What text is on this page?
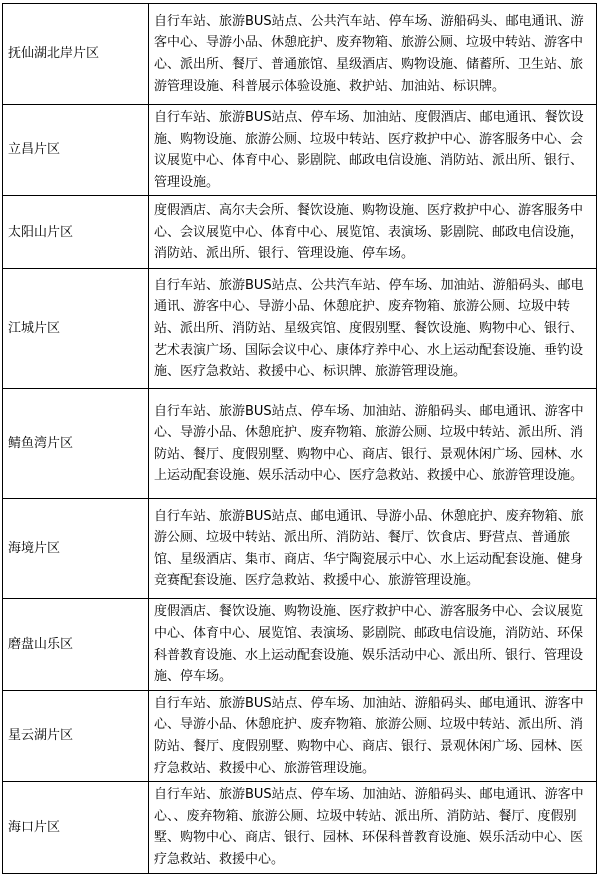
抚仙湖北岸片区	自行车站、旅游BUS站点、公共汽车站、停车场、游船码头、邮电通讯、游客中心、导游小品、休憩庇护、废弃物箱、旅游公厕、垃圾中转站、游客中心、派出所、餐厅、普通旅馆、星级酒店、购物设施、储蓄所、卫生站、旅游管理设施、科普展示体验设施、救护站、加油站、标识牌。
立昌片区	自行车站、旅游BUS站点、停车场、加油站、度假酒店、邮电通讯、餐饮设施、购物设施、旅游公厕、垃圾中转站、医疗救护中心、游客服务中心、会议展览中心、体育中心、影剧院、邮政电信设施、消防站、派出所、银行、管理设施。
太阳山片区	度假酒店、高尔夫会所、餐饮设施、购物设施、医疗救护中心、游客服务中心、会议展览中心、体育中心、展览馆、表演场、影剧院、邮政电信设施，消防站、派出所、银行、管理设施、停车场。
江城片区	自行车站、旅游BUS站点、公共汽车站、停车场、加油站、游船码头、邮电通讯、游客中心、导游小品、休憩庇护、废弃物箱、旅游公厕、垃圾中转站、派出所、消防站、星级宾馆、度假别墅、餐饮设施、购物中心、银行、艺术表演广场、国际会议中心、康体疗养中心、水上运动配套设施、垂钓设施、医疗急救站、救援中心、标识牌、旅游管理设施。
鲭鱼湾片区	自行车站、旅游BUS站点、停车场、加油站、游船码头、邮电通讯、游客中心、导游小品、休憩庇护、废弃物箱、旅游公厕、垃圾中转站、派出所、消防站、餐厅、度假别墅、购物中心、商店、银行、景观休闲广场、园林、水上运动配套设施、娱乐活动中心、医疗急救站、救援中心、旅游管理设施。
海境片区	自行车站、旅游BUS站点、邮电通讯、导游小品、休憩庇护、废弃物箱、旅游公厕、垃圾中转站、派出所、消防站、餐厅、饮食店、野营点、普通旅馆、星级酒店、集市、商店、华宁陶瓷展示中心、水上运动配套设施、健身竞赛配套设施、医疗急救站、救援中心、旅游管理设施。
磨盘山乐区	度假酒店、餐饮设施、购物设施、医疗救护中心、游客服务中心、会议展览中心、体育中心、展览馆、表演场、影剧院、邮政电信设施，消防站、环保科普教育设施、水上运动配套设施、娱乐活动中心、派出所、银行、管理设施、停车场。
星云湖片区	自行车站、旅游BUS站点、停车场、加油站、游船码头、邮电通讯、游客中心、导游小品、休憩庇护、废弃物箱、旅游公厕、垃圾中转站、派出所、消防站、餐厅、度假别墅、购物中心、商店、银行、景观休闲广场、园林、医疗急救站、救援中心、旅游管理设施。
海口片区	自行车站、旅游BUS站点、停车场、加油站、游船码头、邮电通讯、游客中心、、废弃物箱、旅游公厕、垃圾中转站、派出所、消防站、餐厅、度假别墅、购物中心、商店、银行、园林、环保科普教育设施、娱乐活动中心、医疗急救站、救援中心。
